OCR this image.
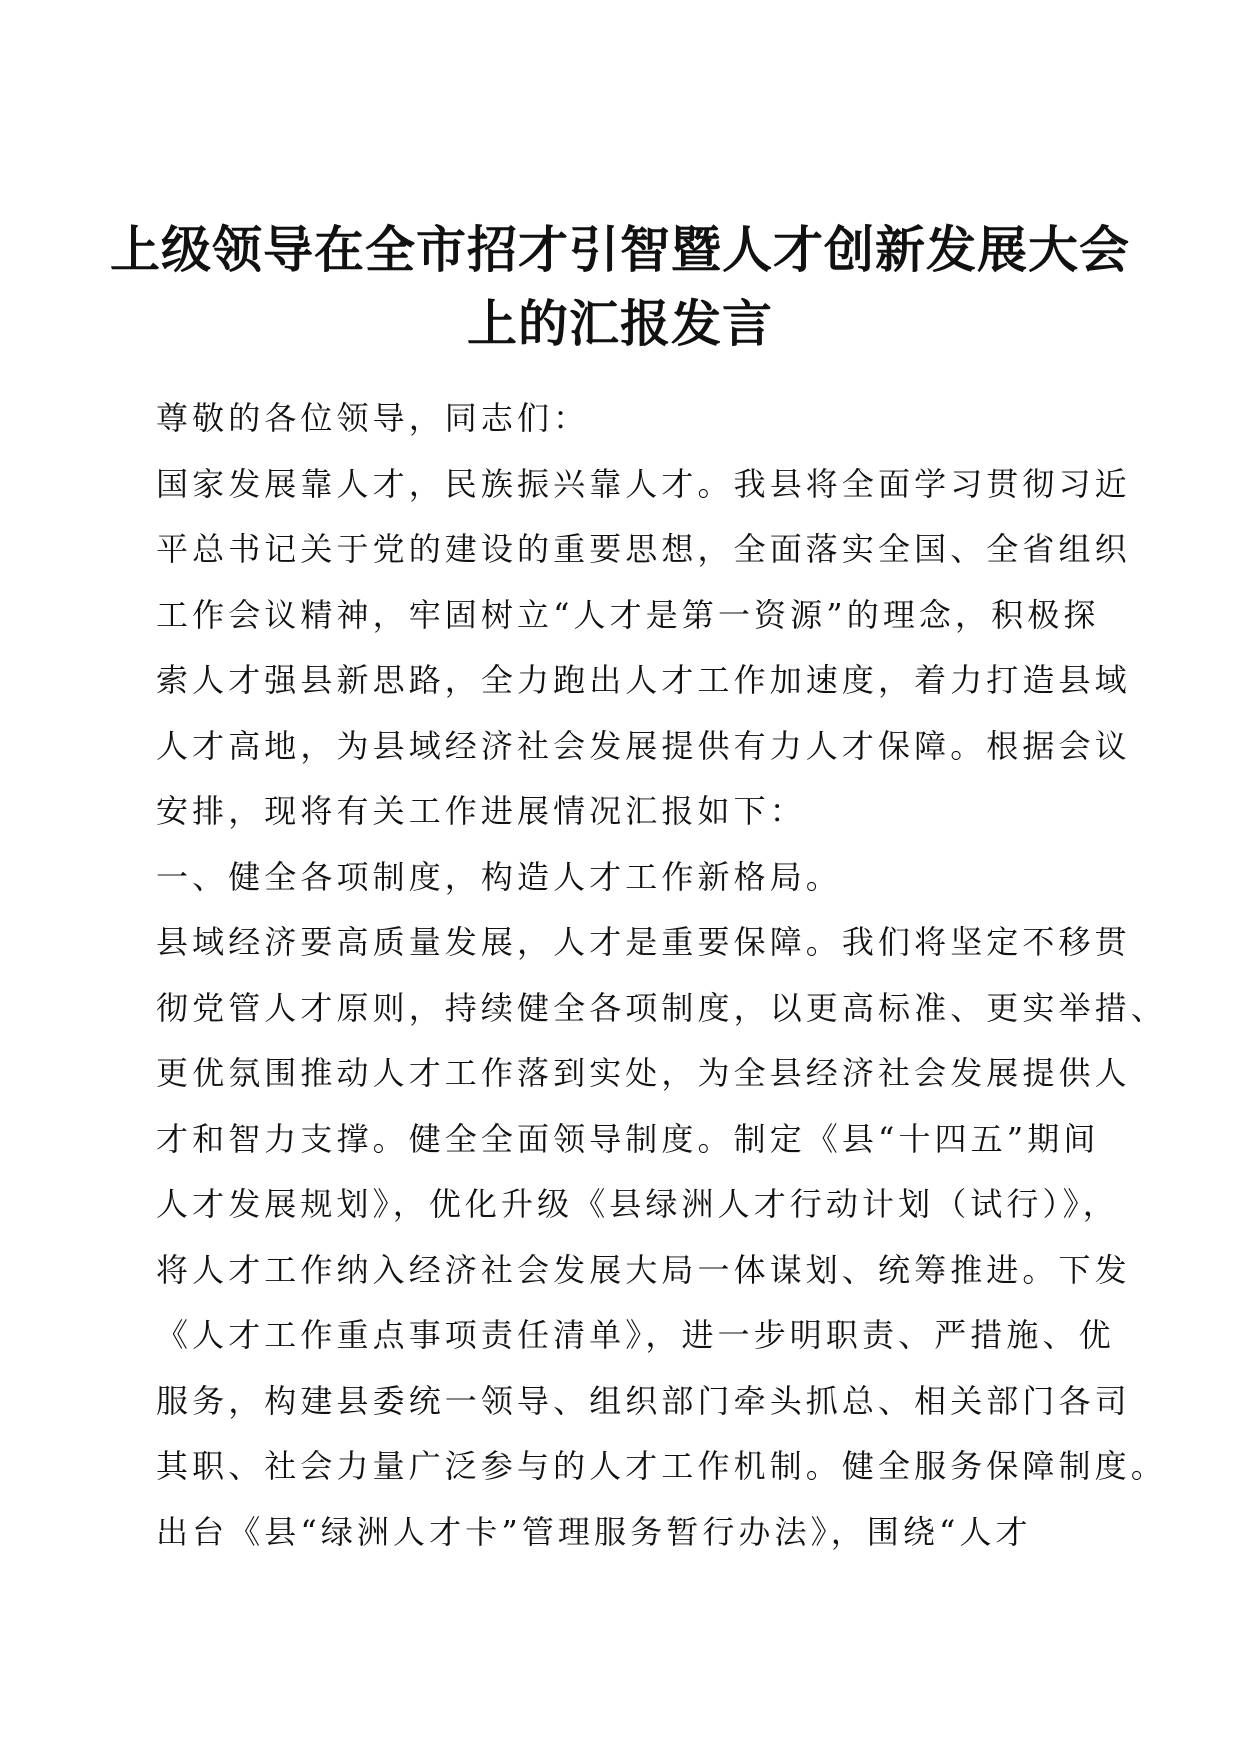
上级领导在全市招才引智暨人才创新发展大会
上的汇报发言
尊敬的各位领导，同志们：
国家发展靠人才，民族振兴靠人才。我县将全面学习贯彻习近
平总书记关于党的建设的重要思想，全面落实全国、全省组织
工作会议精神，牢固树立“人才是第一资源”的理念，积极探
索人才强县新思路，全力跑出人才工作加速度，着力打造县域
人才高地，为县域经济社会发展提供有力人才保障。根据会议
安排，现将有关工作进展情况汇报如下：
一、健全各项制度，构造人才工作新格局。
县域经济要高质量发展，人才是重要保障。我们将坚定不移贯
彻党管人才原则，持续健全各项制度，以更高标准、更实举措、
更优氛围推动人才工作落到实处，为全县经济社会发展提供人
才和智力支撑。健全全面领导制度。制定《县“十四五”期间
人才发展规划》，优化升级《县绿洲人才行动计划（试行）》，
将人才工作纳入经济社会发展大局一体谋划、统筹推进。下发
《人才工作重点事项责任清单》，进一步明职责、严措施、优
服务，构建县委统一领导、组织部门牵头抓总、相关部门各司
其职、社会力量广泛参与的人才工作机制。健全服务保障制度。
出台《县“绿洲人才卡”管理服务暂行办法》，围绕“人才
